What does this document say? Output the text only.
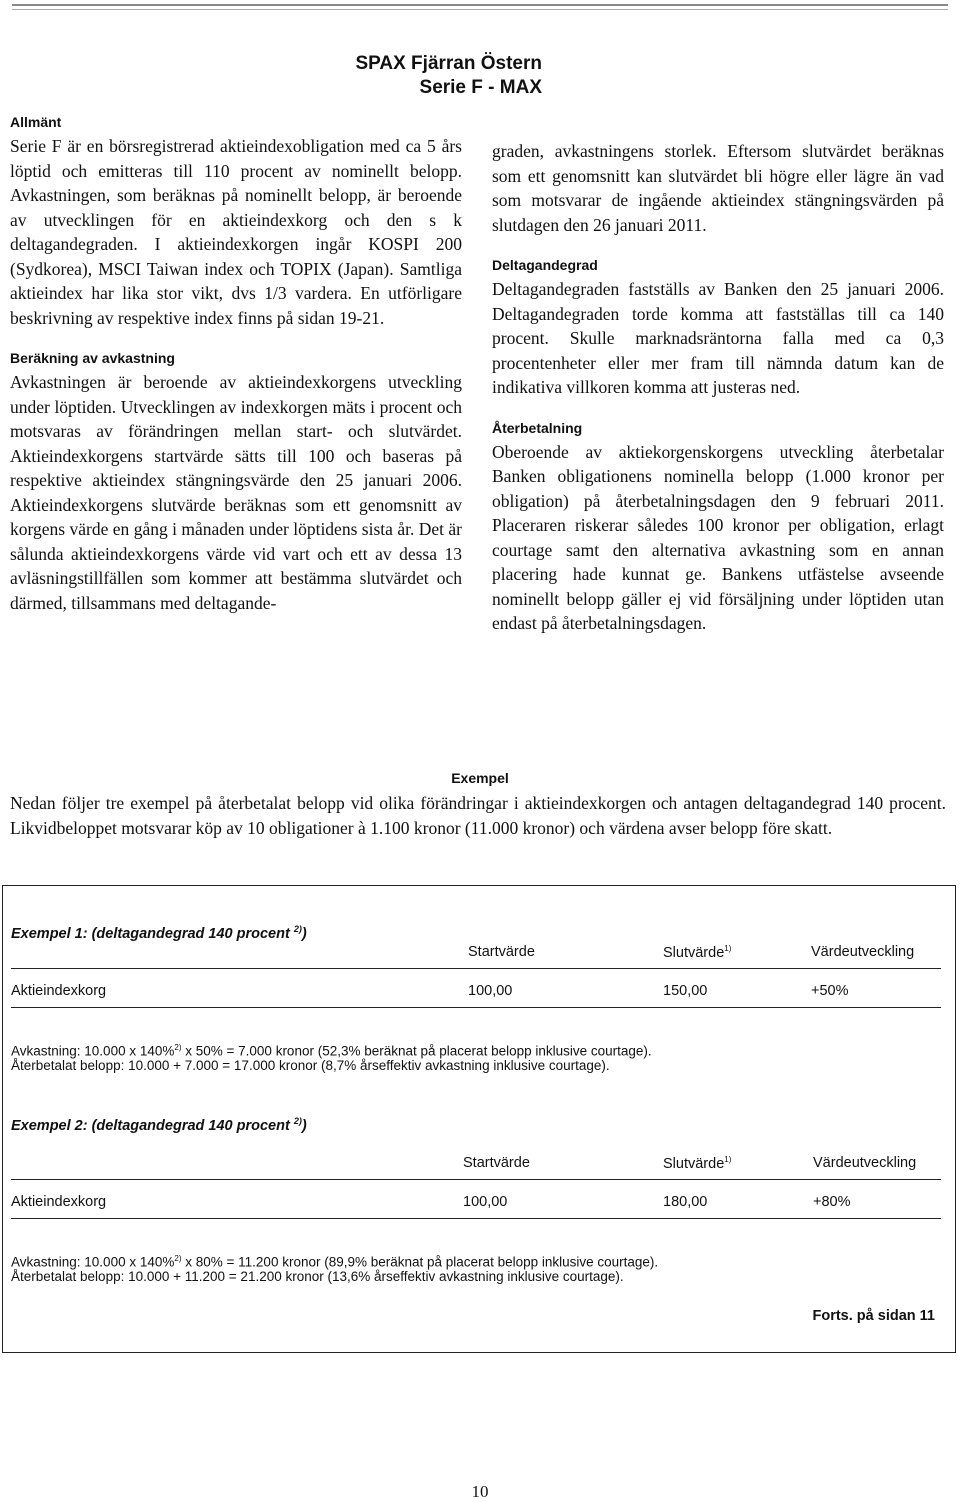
SPAX Fjärran Östern
Serie F - MAX
Allmänt

Serie F är en börsregistrerad aktieindexobligation med ca 5 års löptid och emitteras till 110 procent av nominellt belopp. Avkastningen, som beräknas på nominellt belopp, är beroende av utvecklingen för en aktieindexkorg och den s k deltagandegraden. I aktieindexkorgen ingår KOSPI 200 (Sydkorea), MSCI Taiwan index och TOPIX (Japan). Samtliga aktieindex har lika stor vikt, dvs 1/3 vardera. En utförligare beskrivning av respektive index finns på sidan 19-21.

Beräkning av avkastning

Avkastningen är beroende av aktieindexkorgens utveckling under löptiden. Utvecklingen av indexkorgen mäts i procent och motsvaras av förändringen mellan start- och slutvärdet. Aktieindexkorgens startvärde sätts till 100 och baseras på respektive aktieindex stängningsvärde den 25 januari 2006. Aktieindexkorgens slutvärde beräknas som ett genomsnitt av korgens värde en gång i månaden under löptidens sista år. Det är sålunda aktieindexkorgens värde vid vart och ett av dessa 13 avläsningstillfällen som kommer att bestämma slutvärdet och därmed, tillsammans med deltagande-

graden, avkastningens storlek. Eftersom slutvärdet beräknas som ett genomsnitt kan slutvärdet bli högre eller lägre än vad som motsvarar de ingående aktieindex stängningsvärden på slutdagen den 26 januari 2011.

Deltagandegrad

Deltagandegraden fastställs av Banken den 25 januari 2006. Deltagandegraden torde komma att fastställas till ca 140 procent. Skulle marknadsräntorna falla med ca 0,3 procentenheter eller mer fram till nämnda datum kan de indikativa villkoren komma att justeras ned.

Återbetalning

Oberoende av aktiekorgenskorgens utveckling återbetalar Banken obligationens nominella belopp (1.000 kronor per obligation) på återbetalningsdagen den 9 februari 2011. Placeraren riskerar således 100 kronor per obligation, erlagt courtage samt den alternativa avkastning som en annan placering hade kunnat ge. Bankens utfästelse avseende nominellt belopp gäller ej vid försäljning under löptiden utan endast på återbetalningsdagen.

Exempel

Nedan följer tre exempel på återbetalat belopp vid olika förändringar i aktieindexkorgen och antagen deltagandegrad 140 procent. Likvidbeloppet motsvarar köp av 10 obligationer à 1.100 kronor (11.000 kronor) och värdena avser belopp före skatt.

Exempel 1: (deltagandegrad 140 procent $^{2)}$)
Startvärde	Slutvärde$^{1)}$	Värdeutveckling
Aktieindexkorg	100,00	150,00	+50%
Avkastning: 10.000 x 140%$^{2)}$ x 50% = 7.000 kronor (52,3% beräknat på placerat belopp inklusive courtage).
Återbetalat belopp: 10.000 + 7.000 = 17.000 kronor (8,7% årseffektiv avkastning inklusive courtage).
Exempel 2: (deltagandegrad 140 procent $^{2)}$)
Startvärde	Slutvärde$^{1)}$	Värdeutveckling
Aktieindexkorg	100,00	180,00	+80%
Avkastning: 10.000 x 140%$^{2)}$ x 80% = 11.200 kronor (89,9% beräknat på placerat belopp inklusive courtage).
Återbetalat belopp: 10.000 + 11.200 = 21.200 kronor (13,6% årseffektiv avkastning inklusive courtage).
Forts. på sidan 11
10
